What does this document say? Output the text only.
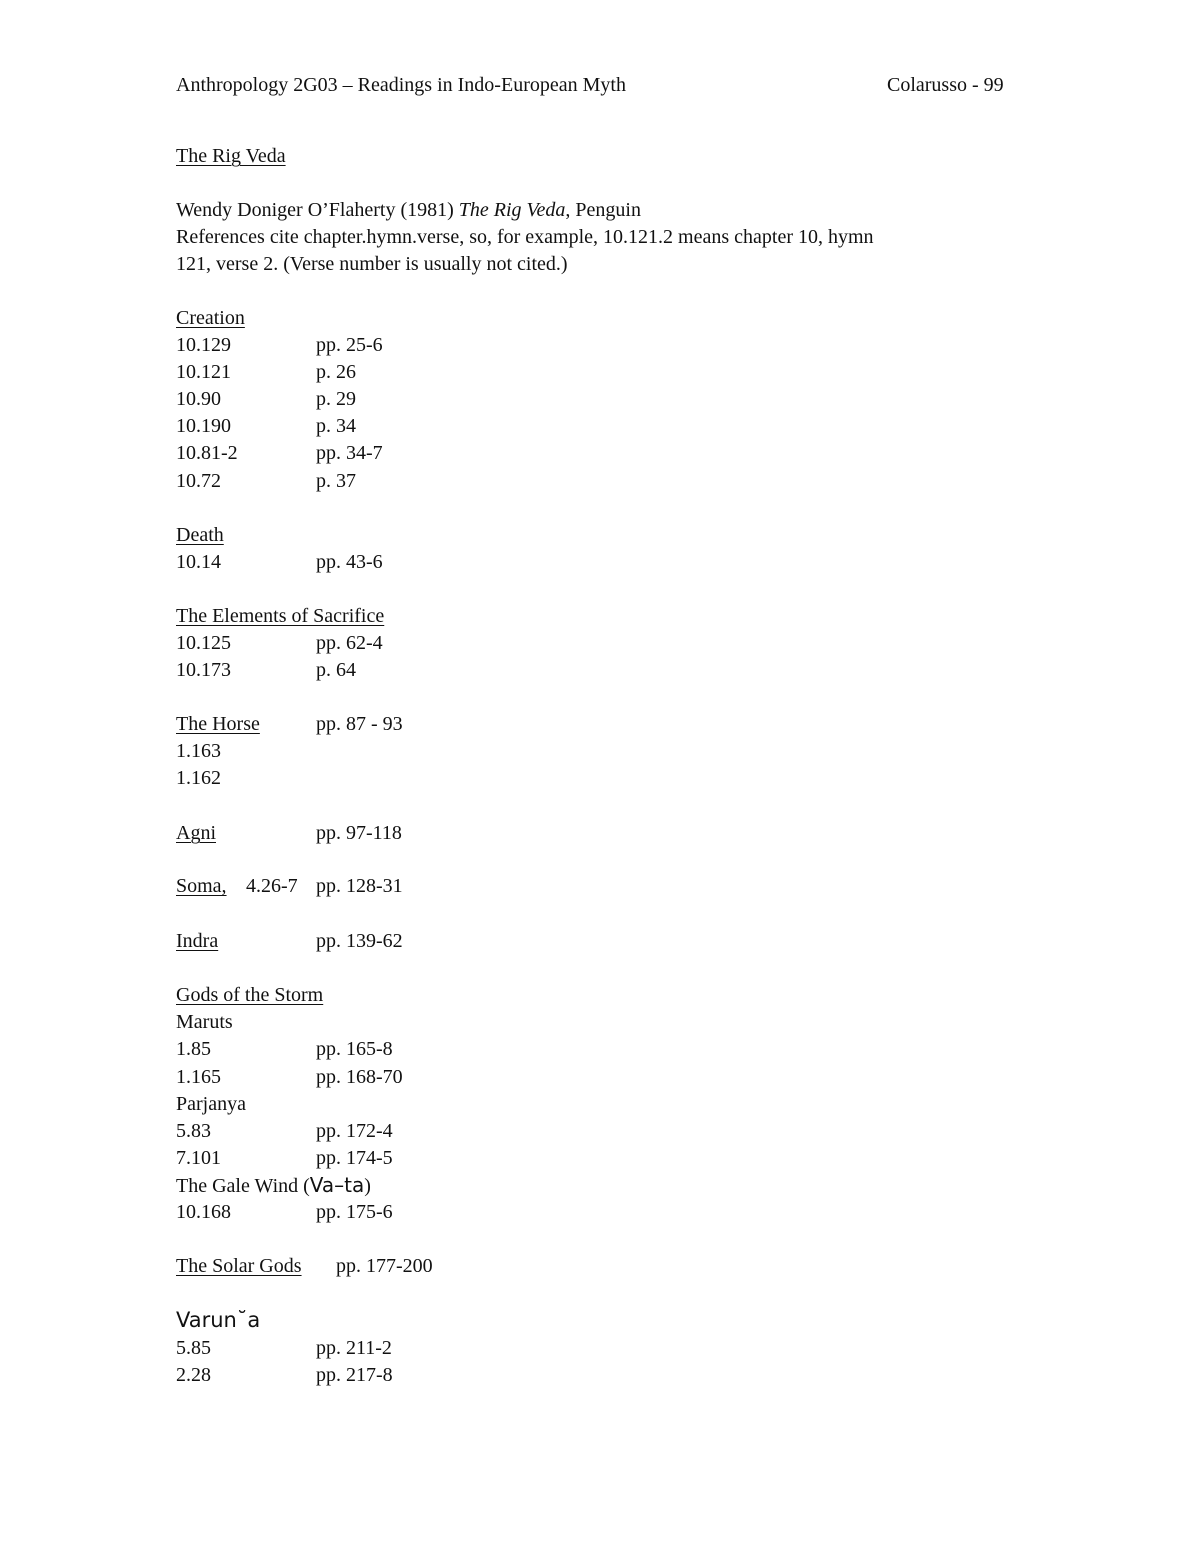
Anthropology 2G03 – Readings in Indo-European Myth	Colarusso - 99
The Rig Veda
Wendy Doniger O’Flaherty (1981) The Rig Veda, Penguin
References cite chapter.hymn.verse, so, for example, 10.121.2 means chapter 10, hymn
121, verse 2. (Verse number is usually not cited.)
Creation
10.129	pp. 25-6
10.121	p. 26
10.90	p. 29
10.190	p. 34
10.81-2	pp. 34-7
10.72	p. 37
Death
10.14	pp. 43-6
The Elements of Sacrifice
10.125	pp. 62-4
10.173	p. 64
The Horse	pp. 87 - 93
1.163
1.162
Agni	pp. 97-118
Soma, 4.26-7 pp. 128-31
Indra	pp. 139-62
Gods of the Storm
Maruts
1.85	pp. 165-8
1.165	pp. 168-70
Parjanya
5.83	pp. 172-4
7.101	pp. 174-5
The Gale Wind (Va–ta)
10.168	pp. 175-6
The Solar Gods pp. 177-200
Varun˘a
5.85	pp. 211-2
2.28	pp. 217-8
